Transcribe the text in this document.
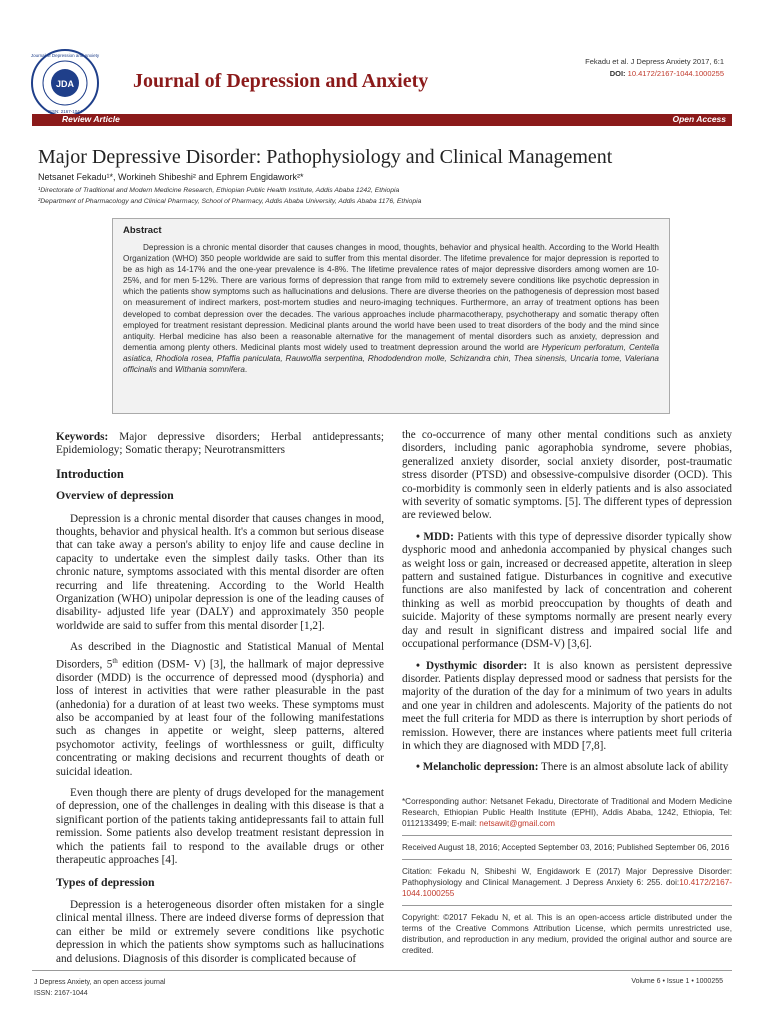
JDA
Journal of Depression and Anxiety
ISSN: 2167-1044
Journal of Depression and Anxiety
Fekadu et al. J Depress Anxiety 2017, 6:1
DOI: 10.4172/2167-1044.1000255
Review Article	Open Access
Major Depressive Disorder: Pathophysiology and Clinical Management
Netsanet Fekadu¹*, Workineh Shibeshi² and Ephrem Engidawork²*
¹Directorate of Traditional and Modern Medicine Research, Ethiopian Public Health Institute, Addis Ababa 1242, Ethiopia
²Department of Pharmacology and Clinical Pharmacy, School of Pharmacy, Addis Ababa University, Addis Ababa 1176, Ethiopia
Abstract

Depression is a chronic mental disorder that causes changes in mood, thoughts, behavior and physical health. According to the World Health Organization (WHO) 350 people worldwide are said to suffer from this mental disorder. The lifetime prevalence for major depression is reported to be as high as 14-17% and the one-year prevalence is 4-8%. The lifetime prevalence rates of major depressive disorders among women are 10-25%, and for men 5-12%. There are various forms of depression that range from mild to extremely severe conditions like psychotic depression in which the patients show symptoms such as hallucinations and delusions. There are diverse theories on the pathogenesis of depression most based on measurement of indirect markers, post-mortem studies and neuro-imaging techniques. Furthermore, an array of treatment options has been developed to combat depression over the decades. The various approaches include pharmacotherapy, psychotherapy and somatic therapy often employed for treatment resistant depression. Medicinal plants around the world have been used to treat disorders of the body and the mind since antiquity. Herbal medicine has also been a reasonable alternative for the management of mental disorders such as anxiety, depression and dementia among plenty others. Medicinal plants most widely used to treatment depression around the world are Hypericum perforatum, Centella asiatica, Rhodiola rosea, Pfaffia paniculata, Rauwolfia serpentina, Rhododendron molle, Schizandra chin, Thea sinensis, Uncaria tome, Valeriana officinalis and Withania somnifera.

Keywords: Major depressive disorders; Herbal antidepressants; Epidemiology; Somatic therapy; Neurotransmitters

Introduction
Overview of depression

Depression is a chronic mental disorder that causes changes in mood, thoughts, behavior and physical health. It's a common but serious disease that can take away a person's ability to enjoy life and cause decline in capacity to undertake even the simplest daily tasks. Other than its chronic nature, symptoms associated with this mental disorder are often recurring and life threatening. According to the World Health Organization (WHO) unipolar depression is one of the leading causes of disability- adjusted life year (DALY) and approximately 350 people worldwide are said to suffer from this mental disorder [1,2].

As described in the Diagnostic and Statistical Manual of Mental Disorders, 5th edition (DSM- V) [3], the hallmark of major depressive disorder (MDD) is the occurrence of depressed mood (dysphoria) and loss of interest in activities that were rather pleasurable in the past (anhedonia) for a duration of at least two weeks. These symptoms must also be accompanied by at least four of the following manifestations such as changes in appetite or weight, sleep patterns, altered psychomotor activity, feelings of worthlessness or guilt, difficulty concentrating or making decisions and recurrent thoughts of death or suicidal ideation.

Even though there are plenty of drugs developed for the management of depression, one of the challenges in dealing with this disease is that a significant portion of the patients taking antidepressants fail to attain full remission. Some patients also develop treatment resistant depression in which the patients fail to respond to the available drugs or other therapeutic approaches [4].

Types of depression

Depression is a heterogeneous disorder often mistaken for a single clinical mental illness. There are indeed diverse forms of depression that can either be mild or extremely severe conditions like psychotic depression in which the patients show symptoms such as hallucinations and delusions. Diagnosis of this disorder is complicated because of

the co-occurrence of many other mental conditions such as anxiety disorders, including panic agoraphobia syndrome, severe phobias, generalized anxiety disorder, social anxiety disorder, post-traumatic stress disorder (PTSD) and obsessive-compulsive disorder (OCD). This co-morbidity is commonly seen in elderly patients and is also associated with severity of somatic symptoms. [5]. The different types of depression are reviewed below.

• MDD: Patients with this type of depressive disorder typically show dysphoric mood and anhedonia accompanied by physical changes such as weight loss or gain, increased or decreased appetite, alteration in sleep pattern and sustained fatigue. Disturbances in cognitive and executive functions are also manifested by lack of concentration and coherent thinking as well as morbid preoccupation by thoughts of death and suicide. Majority of these symptoms normally are present nearly every day and result in significant distress and impaired social life and occupational performance (DSM-V) [3,6].

• Dysthymic disorder: It is also known as persistent depressive disorder. Patients display depressed mood or sadness that persists for the majority of the duration of the day for a minimum of two years in adults and one year in children and adolescents. Majority of the patients do not meet the full criteria for MDD as there is interruption by short periods of remission. However, there are instances where patients meet full criteria in which they are diagnosed with MDD [7,8].

• Melancholic depression: There is an almost absolute lack of ability

*Corresponding author: Netsanet Fekadu, Directorate of Traditional and Modern Medicine Research, Ethiopian Public Health Institute (EPHI), Addis Ababa, 1242, Ethiopia, Tel: 0112133499; E-mail: netsawit@gmail.com

Received August 18, 2016; Accepted September 03, 2016; Published September 06, 2016

Citation: Fekadu N, Shibeshi W, Engidawork E (2017) Major Depressive Disorder: Pathophysiology and Clinical Management. J Depress Anxiety 6: 255. doi:10.4172/2167-1044.1000255

Copyright: ©2017 Fekadu N, et al. This is an open-access article distributed under the terms of the Creative Commons Attribution License, which permits unrestricted use, distribution, and reproduction in any medium, provided the original author and source are credited.

J Depress Anxiety, an open access journal
ISSN: 2167-1044
Volume 6 • Issue 1 • 1000255
